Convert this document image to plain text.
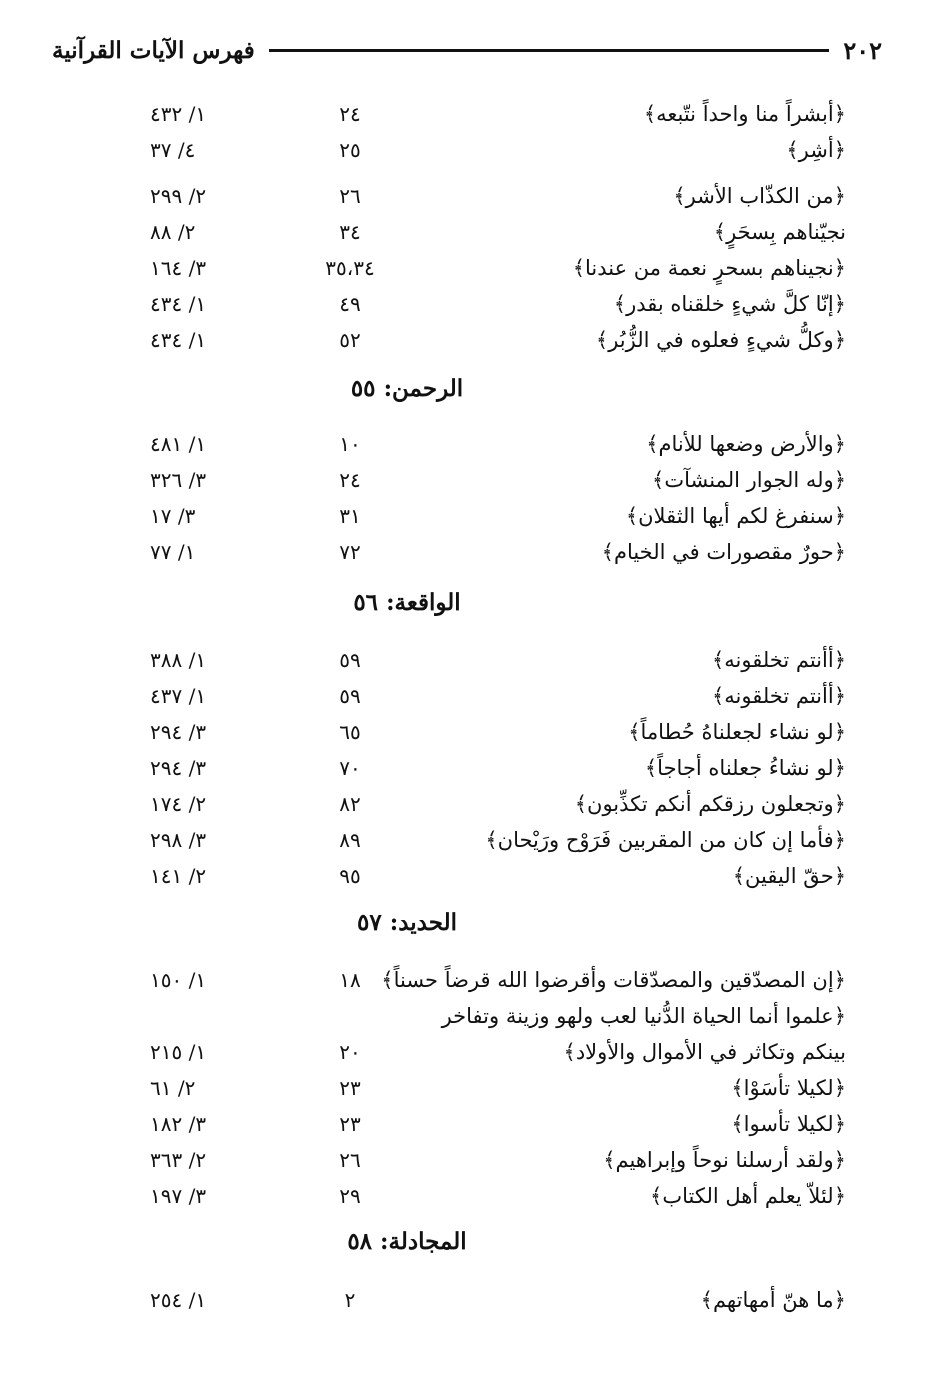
٢٠٢
فهرس الآيات القرآنية
﴿أبشراً منا واحداً نتّبعه﴾
٢٤
١/ ٤٣٢
﴿أشِر﴾
٢٥
٤/ ٣٧
﴿من الكذّاب الأشر﴾
٢٦
٢/ ٢٩٩
نجيّناهم بِسحَرٍ﴾
٣٤
٢/ ٨٨
﴿نجيناهم بسحرٍ نعمة من عندنا﴾
٣٥،٣٤
٣/ ١٦٤
﴿إنّا كلَّ شيءٍ خلقناه بقدر﴾
٤٩
١/ ٤٣٤
﴿وكلُّ شيءٍ فعلوه في الزُّبُر﴾
٥٢
١/ ٤٣٤
الرحمن: ٥٥
﴿والأرض وضعها للأنام﴾
١٠
١/ ٤٨١
﴿وله الجوار المنشآت﴾
٢٤
٣/ ٣٢٦
﴿سنفرغ لكم أيها الثقلان﴾
٣١
٣/ ١٧
﴿حورٌ مقصورات في الخيام﴾
٧٢
١/ ٧٧
الواقعة: ٥٦
﴿أأنتم تخلقونه﴾
٥٩
١/ ٣٨٨
﴿أأنتم تخلقونه﴾
٥٩
١/ ٤٣٧
﴿لو نشاء لجعلناهُ حُطاماً﴾
٦٥
٣/ ٢٩٤
﴿لو نشاءُ جعلناه أجاجاً﴾
٧٠
٣/ ٢٩٤
﴿وتجعلون رزقكم أنكم تكذِّبون﴾
٨٢
٢/ ١٧٤
﴿فأما إن كان من المقربين فَرَوْح ورَيْحان﴾
٨٩
٣/ ٢٩٨
﴿حقّ اليقين﴾
٩٥
٢/ ١٤١
الحديد: ٥٧
﴿إن المصدّقين والمصدّقات وأقرضوا الله قرضاً حسناً﴾
١٨
١/ ١٥٠
﴿علموا أنما الحياة الدُّنيا لعب ولهو وزينة وتفاخر
بينكم وتكاثر في الأموال والأولاد﴾
٢٠
١/ ٢١٥
﴿لكيلا تأسَوْا﴾
٢٣
٢/ ٦١
﴿لكيلا تأسوا﴾
٢٣
٣/ ١٨٢
﴿ولقد أرسلنا نوحاً وإبراهيم﴾
٢٦
٢/ ٣٦٣
﴿لئلاّ يعلم أهل الكتاب﴾
٢٩
٣/ ١٩٧
المجادلة: ٥٨
﴿ما هنّ أمهاتهم﴾
٢
١/ ٢٥٤
